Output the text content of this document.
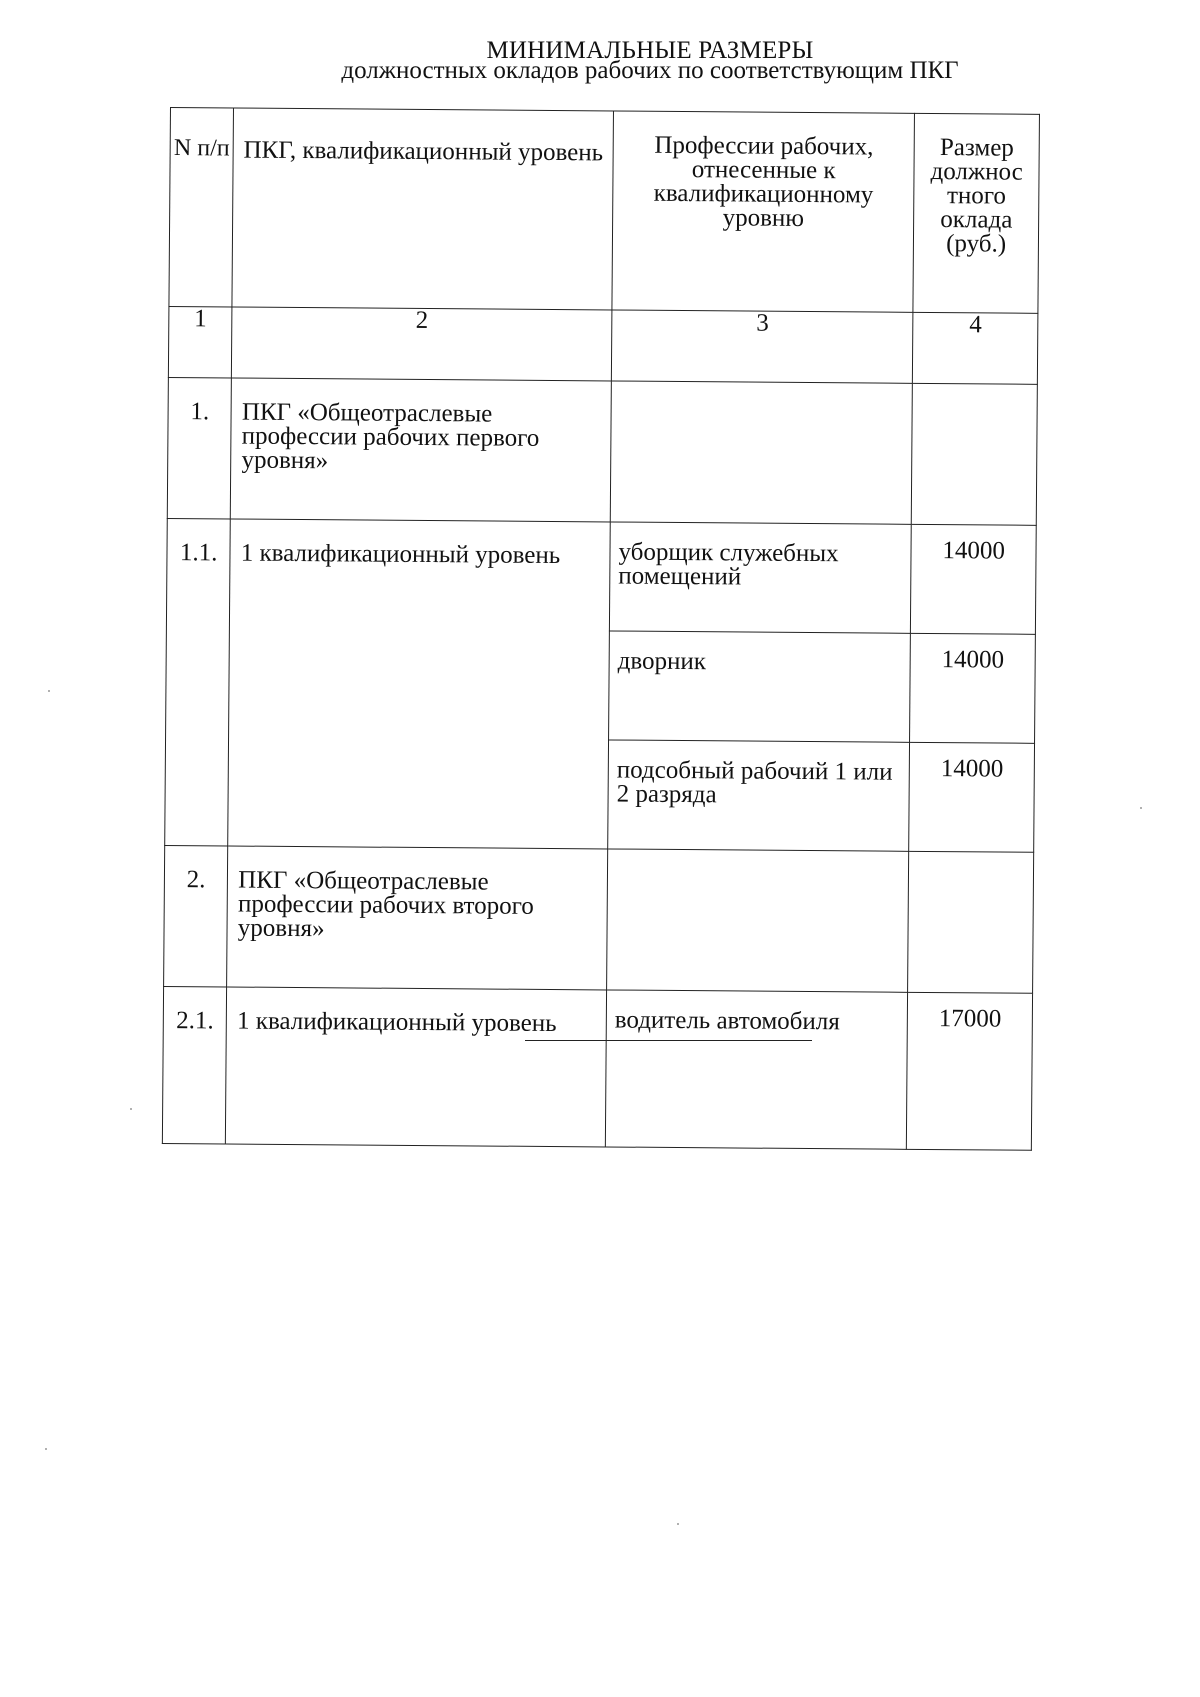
МИНИМАЛЬНЫЕ РАЗМЕРЫ
должностных окладов рабочих по соответствующим ПКГ
N п/п	ПКГ, квалификационный уровень	Профессии рабочих, отнесенные к квалификационному уровню	Размер должнос тного оклада (руб.)
1	2	3	4
1.	ПКГ «Общеотраслевые профессии рабочих первого уровня»		
1.1.	1 квалификационный уровень	уборщик служебных помещений	14000
		дворник	14000
		подсобный рабочий 1 или 2 разряда	14000
2.	ПКГ «Общеотраслевые профессии рабочих второго уровня»		
2.1.	1 квалификационный уровень	водитель автомобиля	17000
